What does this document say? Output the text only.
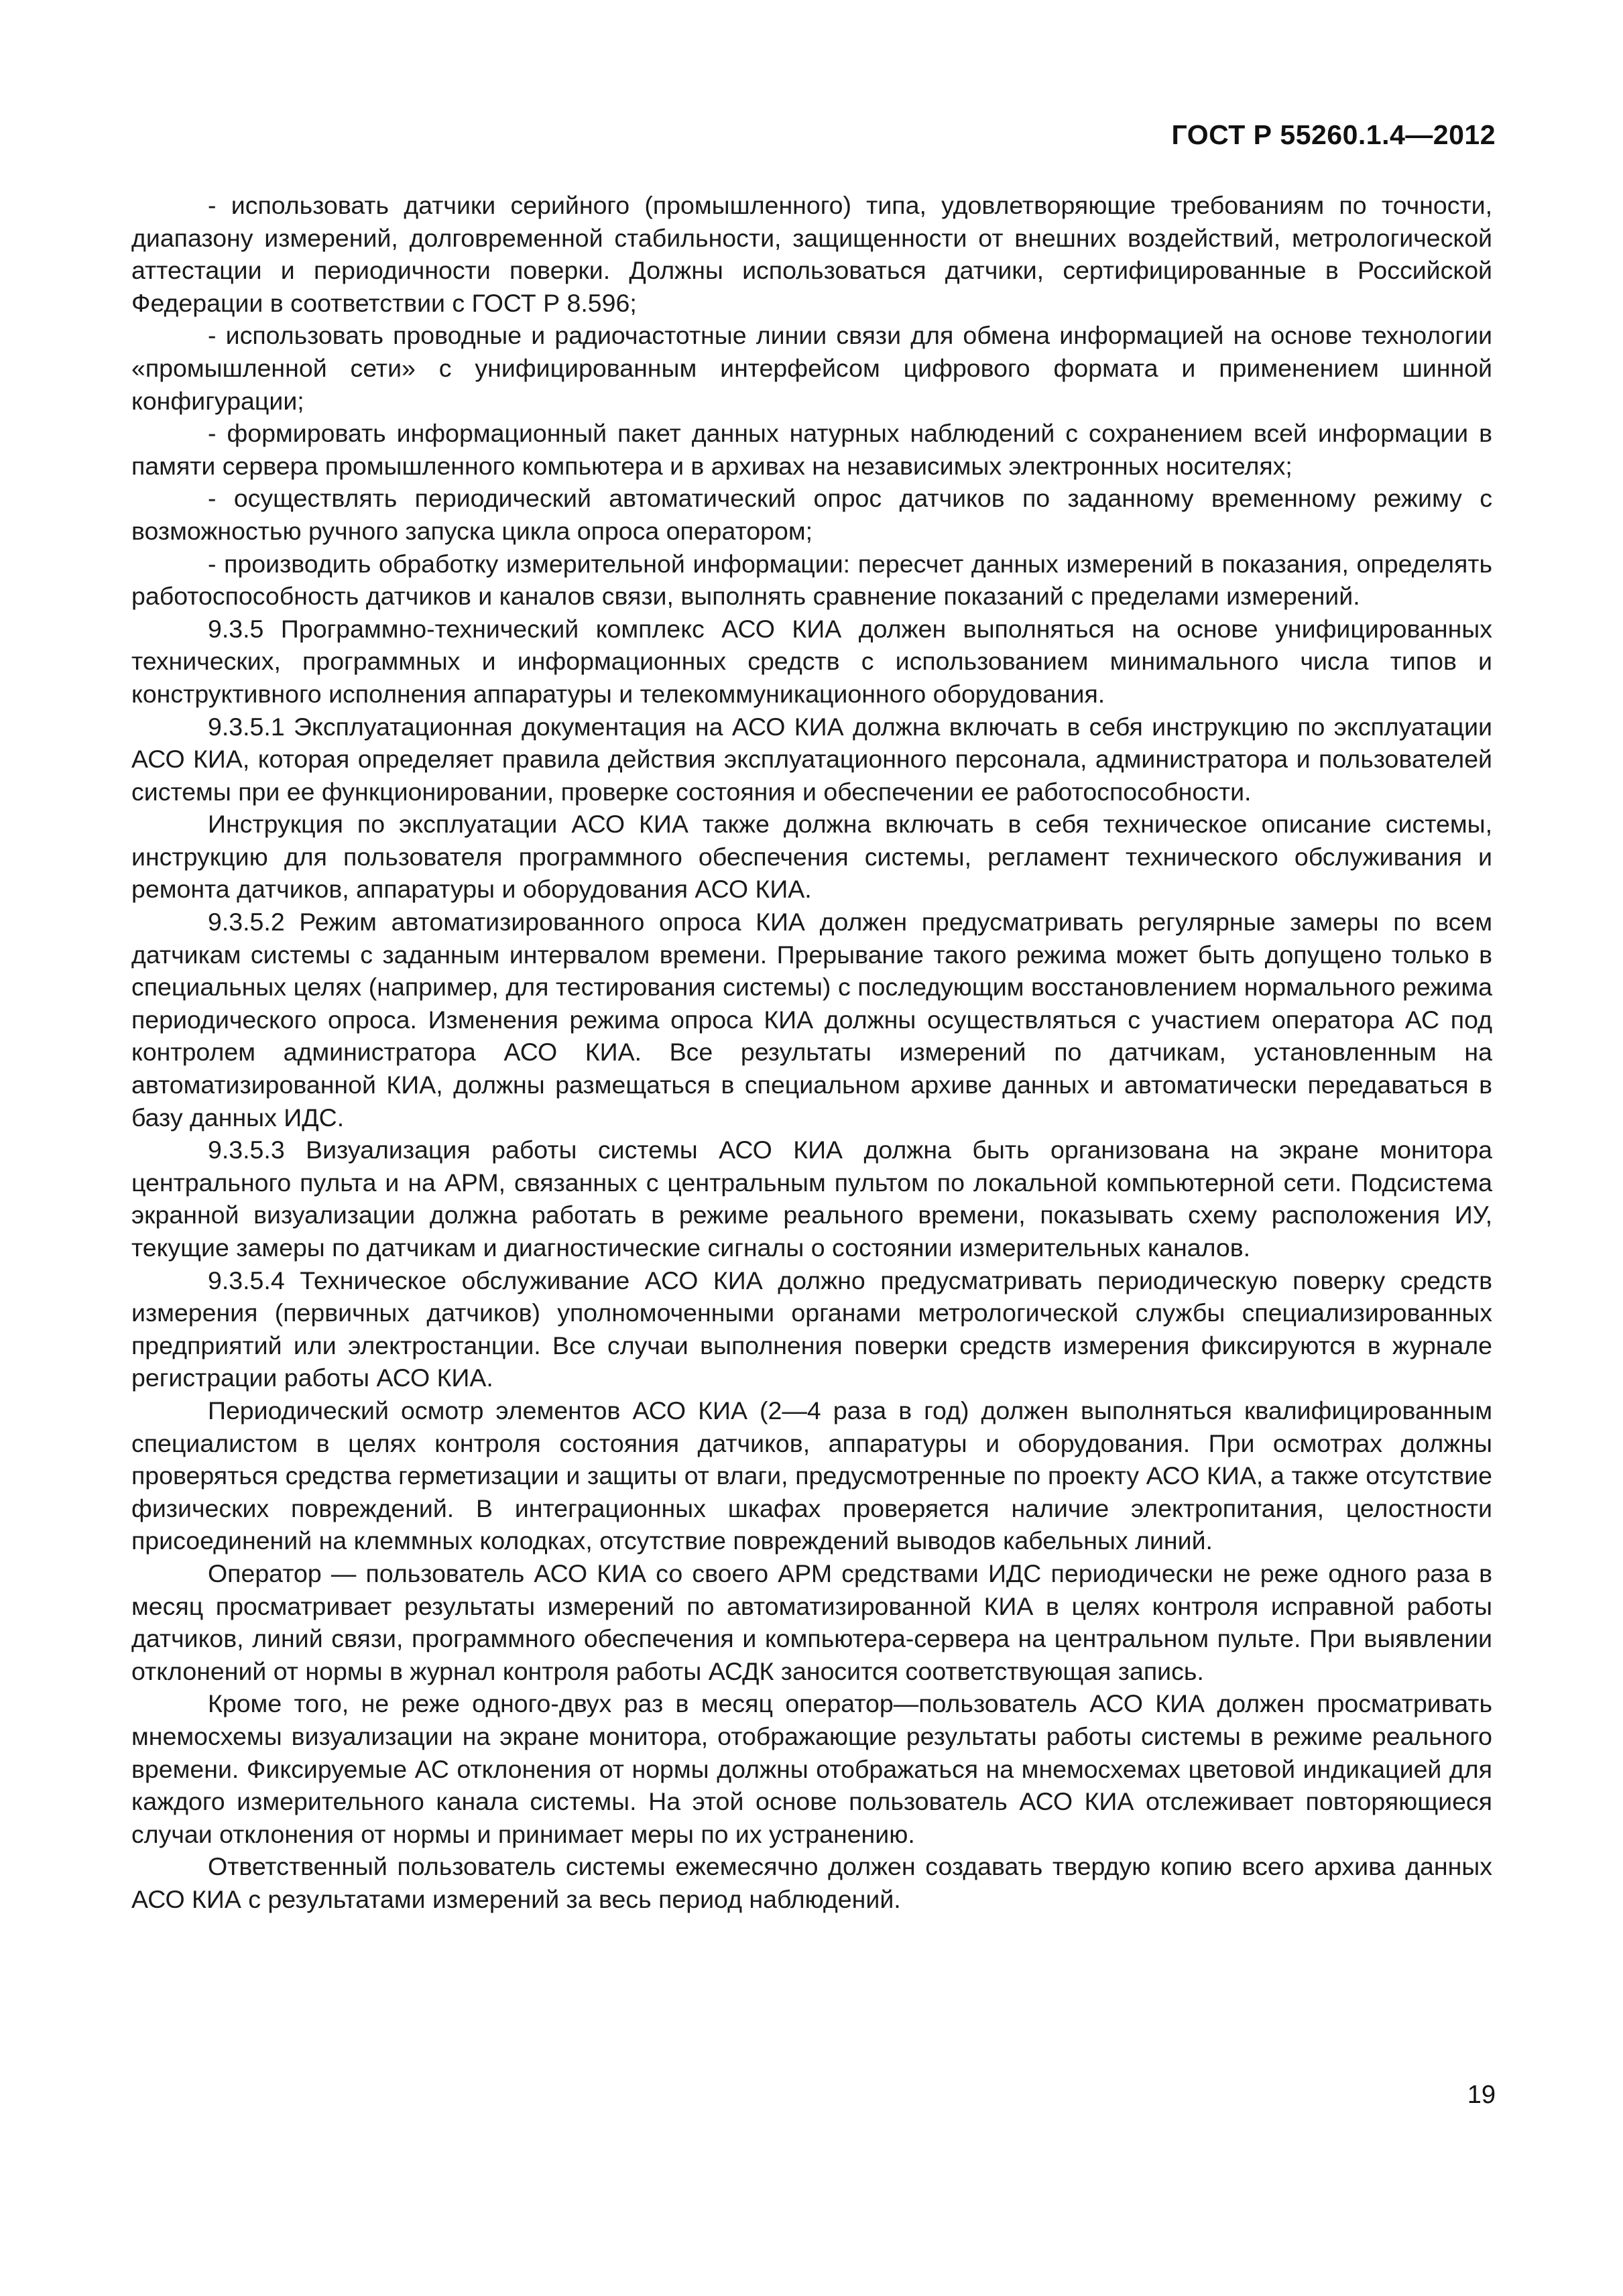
ГОСТ Р 55260.1.4—2012

- использовать датчики серийного (промышленного) типа, удовлетворяющие требованиям по точности, диапазону измерений, долговременной стабильности, защищенности от внешних воздействий, метрологической аттестации и периодичности поверки. Должны использоваться датчики, сертифицированные в Российской Федерации в соответствии с ГОСТ Р 8.596;

- использовать проводные и радиочастотные линии связи для обмена информацией на основе технологии «промышленной сети» с унифицированным интерфейсом цифрового формата и применением шинной конфигурации;

- формировать информационный пакет данных натурных наблюдений с сохранением всей информации в памяти сервера промышленного компьютера и в архивах на независимых электронных носителях;

- осуществлять периодический автоматический опрос датчиков по заданному временному режиму с возможностью ручного запуска цикла опроса оператором;

- производить обработку измерительной информации: пересчет данных измерений в показания, определять работоспособность датчиков и каналов связи, выполнять сравнение показаний с пределами измерений.

9.3.5 Программно-технический комплекс АСО КИА должен выполняться на основе унифицированных технических, программных и информационных средств с использованием минимального числа типов и конструктивного исполнения аппаратуры и телекоммуникационного оборудования.

9.3.5.1 Эксплуатационная документация на АСО КИА должна включать в себя инструкцию по эксплуатации АСО КИА, которая определяет правила действия эксплуатационного персонала, администратора и пользователей системы при ее функционировании, проверке состояния и обеспечении ее работоспособности.

Инструкция по эксплуатации АСО КИА также должна включать в себя техническое описание системы, инструкцию для пользователя программного обеспечения системы, регламент технического обслуживания и ремонта датчиков, аппаратуры и оборудования АСО КИА.

9.3.5.2 Режим автоматизированного опроса КИА должен предусматривать регулярные замеры по всем датчикам системы с заданным интервалом времени. Прерывание такого режима может быть допущено только в специальных целях (например, для тестирования системы) с последующим восстановлением нормального режима периодического опроса. Изменения режима опроса КИА должны осуществляться с участием оператора АС под контролем администратора АСО КИА. Все результаты измерений по датчикам, установленным на автоматизированной КИА, должны размещаться в специальном архиве данных и автоматически передаваться в базу данных ИДС.

9.3.5.3 Визуализация работы системы АСО КИА должна быть организована на экране монитора центрального пульта и на АРМ, связанных с центральным пультом по локальной компьютерной сети. Подсистема экранной визуализации должна работать в режиме реального времени, показывать схему расположения ИУ, текущие замеры по датчикам и диагностические сигналы о состоянии измерительных каналов.

9.3.5.4 Техническое обслуживание АСО КИА должно предусматривать периодическую поверку средств измерения (первичных датчиков) уполномоченными органами метрологической службы специализированных предприятий или электростанции. Все случаи выполнения поверки средств измерения фиксируются в журнале регистрации работы АСО КИА.

Периодический осмотр элементов АСО КИА (2—4 раза в год) должен выполняться квалифицированным специалистом в целях контроля состояния датчиков, аппаратуры и оборудования. При осмотрах должны проверяться средства герметизации и защиты от влаги, предусмотренные по проекту АСО КИА, а также отсутствие физических повреждений. В интеграционных шкафах проверяется наличие электропитания, целостности присоединений на клеммных колодках, отсутствие повреждений выводов кабельных линий.

Оператор — пользователь АСО КИА со своего АРМ средствами ИДС периодически не реже одного раза в месяц просматривает результаты измерений по автоматизированной КИА в целях контроля исправной работы датчиков, линий связи, программного обеспечения и компьютера-сервера на центральном пульте. При выявлении отклонений от нормы в журнал контроля работы АСДК заносится соответствующая запись.

Кроме того, не реже одного-двух раз в месяц оператор—пользователь АСО КИА должен просматривать мнемосхемы визуализации на экране монитора, отображающие результаты работы системы в режиме реального времени. Фиксируемые АС отклонения от нормы должны отображаться на мнемосхемах цветовой индикацией для каждого измерительного канала системы. На этой основе пользователь АСО КИА отслеживает повторяющиеся случаи отклонения от нормы и принимает меры по их устранению.

Ответственный пользователь системы ежемесячно должен создавать твердую копию всего архива данных АСО КИА с результатами измерений за весь период наблюдений.

19
